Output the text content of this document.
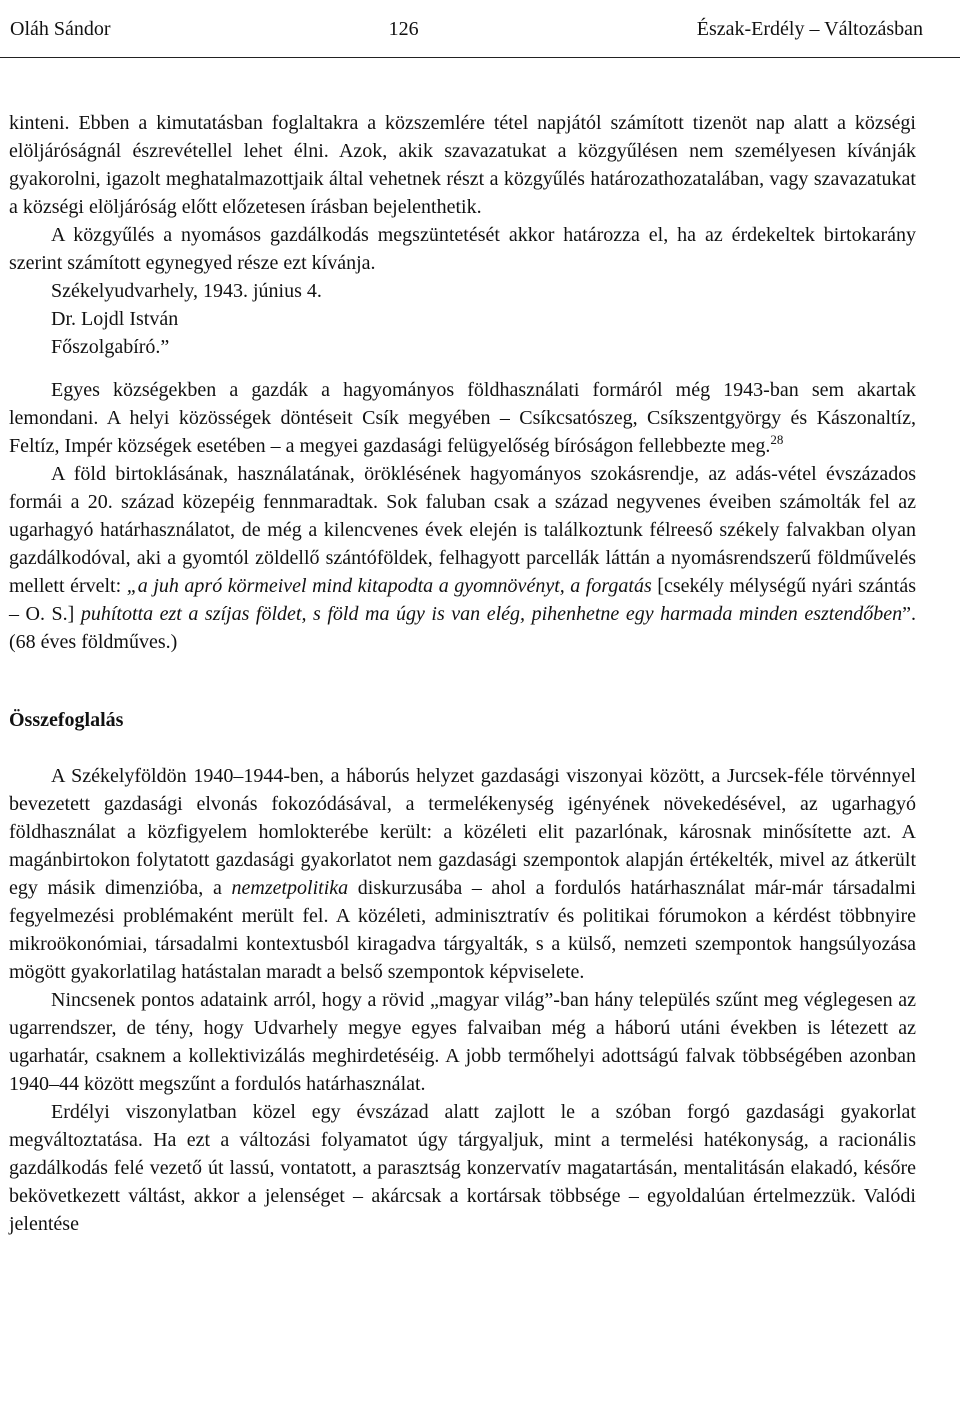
Oláh Sándor	126	Észak-Erdély – Változásban

kinteni. Ebben a kimutatásban foglaltakra a közszemlére tétel napjától számított tizenöt nap alatt a községi elöljáróságnál észrevétellel lehet élni. Azok, akik szavazatukat a közgyűlésen nem személyesen kívánják gyakorolni, igazolt meghatalmazottjaik által vehetnek részt a közgyűlés határozathozatalában, vagy szavazatukat a községi elöljáróság előtt előzetesen írásban bejelenthetik.

A közgyűlés a nyomásos gazdálkodás megszüntetését akkor határozza el, ha az érdekeltek birtokarány szerint számított egynegyed része ezt kívánja.

Székelyudvarhely, 1943. június 4.
Dr. Lojdl István
Főszolgabíró.”

Egyes községekben a gazdák a hagyományos földhasználati formáról még 1943-ban sem akartak lemondani. A helyi közösségek döntéseit Csík megyében – Csíkcsatószeg, Csíkszentgyörgy és Kászonaltíz, Feltíz, Impér községek esetében – a megyei gazdasági felügyelőség bíróságon fellebbezte meg.$^{28}$

A föld birtoklásának, használatának, öröklésének hagyományos szokásrendje, az adás-vétel évszázados formái a 20. század közepéig fennmaradtak. Sok faluban csak a század negyvenes éveiben számolták fel az ugarhagyó határhasználatot, de még a kilencvenes évek elején is találkoztunk félreeső székely falvakban olyan gazdálkodóval, aki a gyomtól zöldellő szántóföldek, felhagyott parcellák láttán a nyomásrendszerű földművelés mellett érvelt: „a juh apró körmeivel mind kitapodta a gyomnövényt, a forgatás [csekély mélységű nyári szántás – O. S.] puhította ezt a szíjas földet, s föld ma úgy is van elég, pihenhetne egy harmada minden esztendőben”. (68 éves földműves.)

Összefoglalás

A Székelyföldön 1940–1944-ben, a háborús helyzet gazdasági viszonyai között, a Jurcsek-féle törvénnyel bevezetett gazdasági elvonás fokozódásával, a termelékenység igényének növekedésével, az ugarhagyó földhasználat a közfigyelem homlokterébe került: a közéleti elit pazarlónak, károsnak minősítette azt. A magánbirtokon folytatott gazdasági gyakorlatot nem gazdasági szempontok alapján értékelték, mivel az átkerült egy másik dimenzióba, a nemzetpolitika diskurzusába – ahol a fordulós határhasználat már-már társadalmi fegyelmezési problémaként merült fel. A közéleti, adminisztratív és politikai fórumokon a kérdést többnyire mikroökonómiai, társadalmi kontextusból kiragadva tárgyalták, s a külső, nemzeti szempontok hangsúlyozása mögött gyakorlatilag hatástalan maradt a belső szempontok képviselete.

Nincsenek pontos adataink arról, hogy a rövid „magyar világ”-ban hány település szűnt meg véglegesen az ugarrendszer, de tény, hogy Udvarhely megye egyes falvaiban még a háború utáni években is létezett az ugarhatár, csaknem a kollektivizálás meghirdetéséig. A jobb termőhelyi adottságú falvak többségében azonban 1940–44 között megszűnt a fordulós határhasználat.

Erdélyi viszonylatban közel egy évszázad alatt zajlott le a szóban forgó gazdasági gyakorlat megváltoztatása. Ha ezt a változási folyamatot úgy tárgyaljuk, mint a termelési hatékonyság, a racionális gazdálkodás felé vezető út lassú, vontatott, a parasztság konzervatív magatartásán, mentalitásán elakadó, későre bekövetkezett váltást, akkor a jelenséget – akárcsak a kortársak többsége – egyoldalúan értelmezzük. Valódi jelentése
